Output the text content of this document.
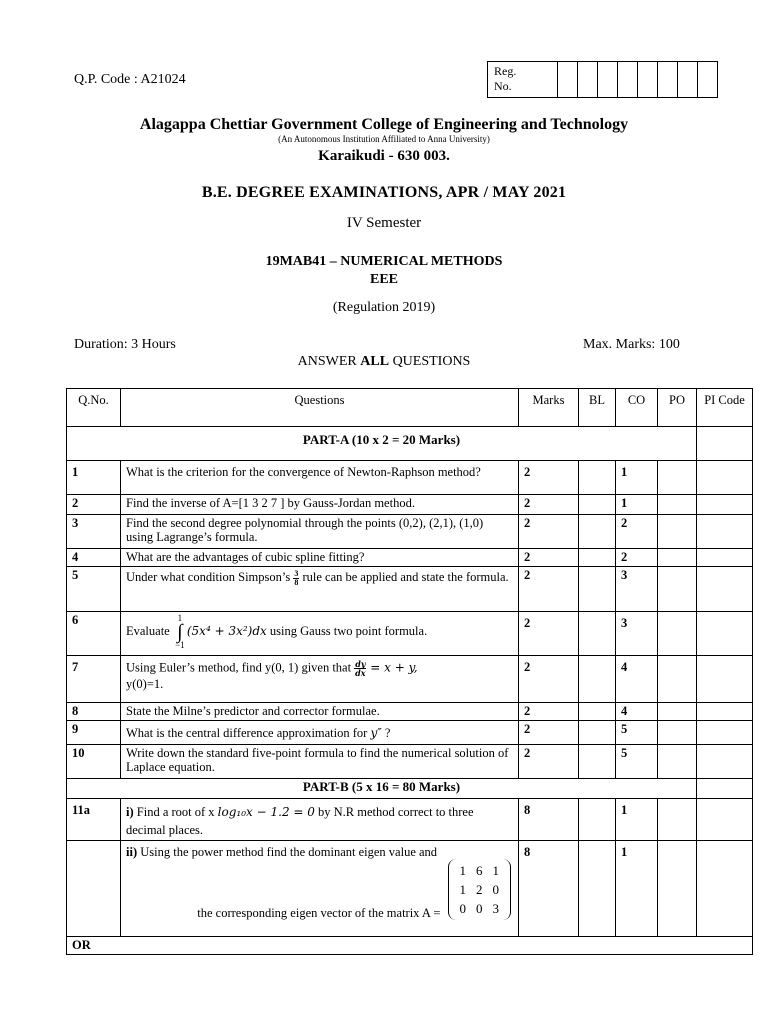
Q.P. Code : A21024
Reg.
No.								
Alagappa Chettiar Government College of Engineering and Technology
(An Autonomous Institution Affiliated to Anna University)
Karaikudi - 630 003.
B.E. DEGREE EXAMINATIONS, APR / MAY 2021
IV Semester
19MAB41 – NUMERICAL METHODS
EEE
(Regulation 2019)
Duration: 3 Hours	Max. Marks: 100
ANSWER ALL QUESTIONS
Q.No.	Questions	Marks	BL	CO	PO	PI Code
PART-A (10 x 2 = 20 Marks)	
1	What is the criterion for the convergence of Newton-Raphson method?	2		1		
2	Find the inverse of A=[1 3 2 7 ] by Gauss-Jordan method.	2		1		
3	Find the second degree polynomial through the points (0,2), (2,1), (1,0) using Lagrange’s formula.	2		2		
4	What are the advantages of cubic spline fitting?	2		2		
5	Under what condition Simpson’s $\frac{3}{8}$ rule can be applied and state the formula.	2		3		
6	Evaluate
1
∫
−1
(5x⁴ + 3x²)dx using Gauss two point formula.	2		3		
7	Using Euler’s method, find y(0, 1) given that $\frac{dy}{dx} = x + y$,
y(0)=1.	2		4		
8	State the Milne’s predictor and corrector formulae.	2		4		
9	What is the central difference approximation for y″ ?	2		5		
10	Write down the standard five-point formula to find the numerical solution of Laplace equation.	2		5		
PART-B (5 x 16 = 80 Marks)	
11a	i) Find a root of x log₁₀x − 1.2 = 0 by N.R method correct to three decimal places.	8		1		
	ii) Using the power method find the dominant eigen value and
the corresponding eigen vector of the matrix A =
1	6	1
1	2	0
0	0	3
	8		1		
OR
